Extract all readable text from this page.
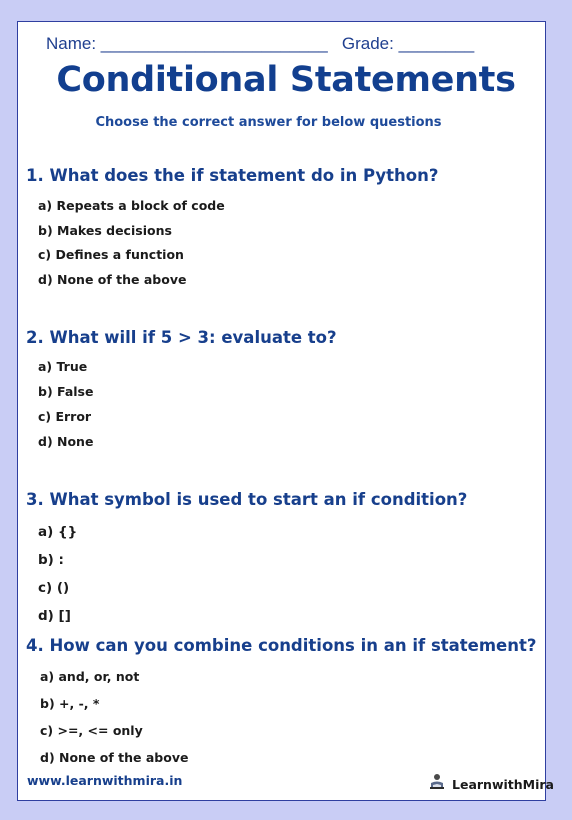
Name: ________________________   Grade: ________
Conditional Statements
Choose the correct answer for below questions
1. What does the if statement do in Python?
a) Repeats a block of code
b) Makes decisions
c) Defines a function
d) None of the above
2. What will if 5 > 3: evaluate to?
a) True
b) False
c) Error
d) None
3. What symbol is used to start an if condition?
a) {}
b) :
c) ()
d) []
4. How can you combine conditions in an if statement?
a) and, or, not
b) +, -, *
c) >=, <= only
d) None of the above
www.learnwithmira.in	LearnwithMira
